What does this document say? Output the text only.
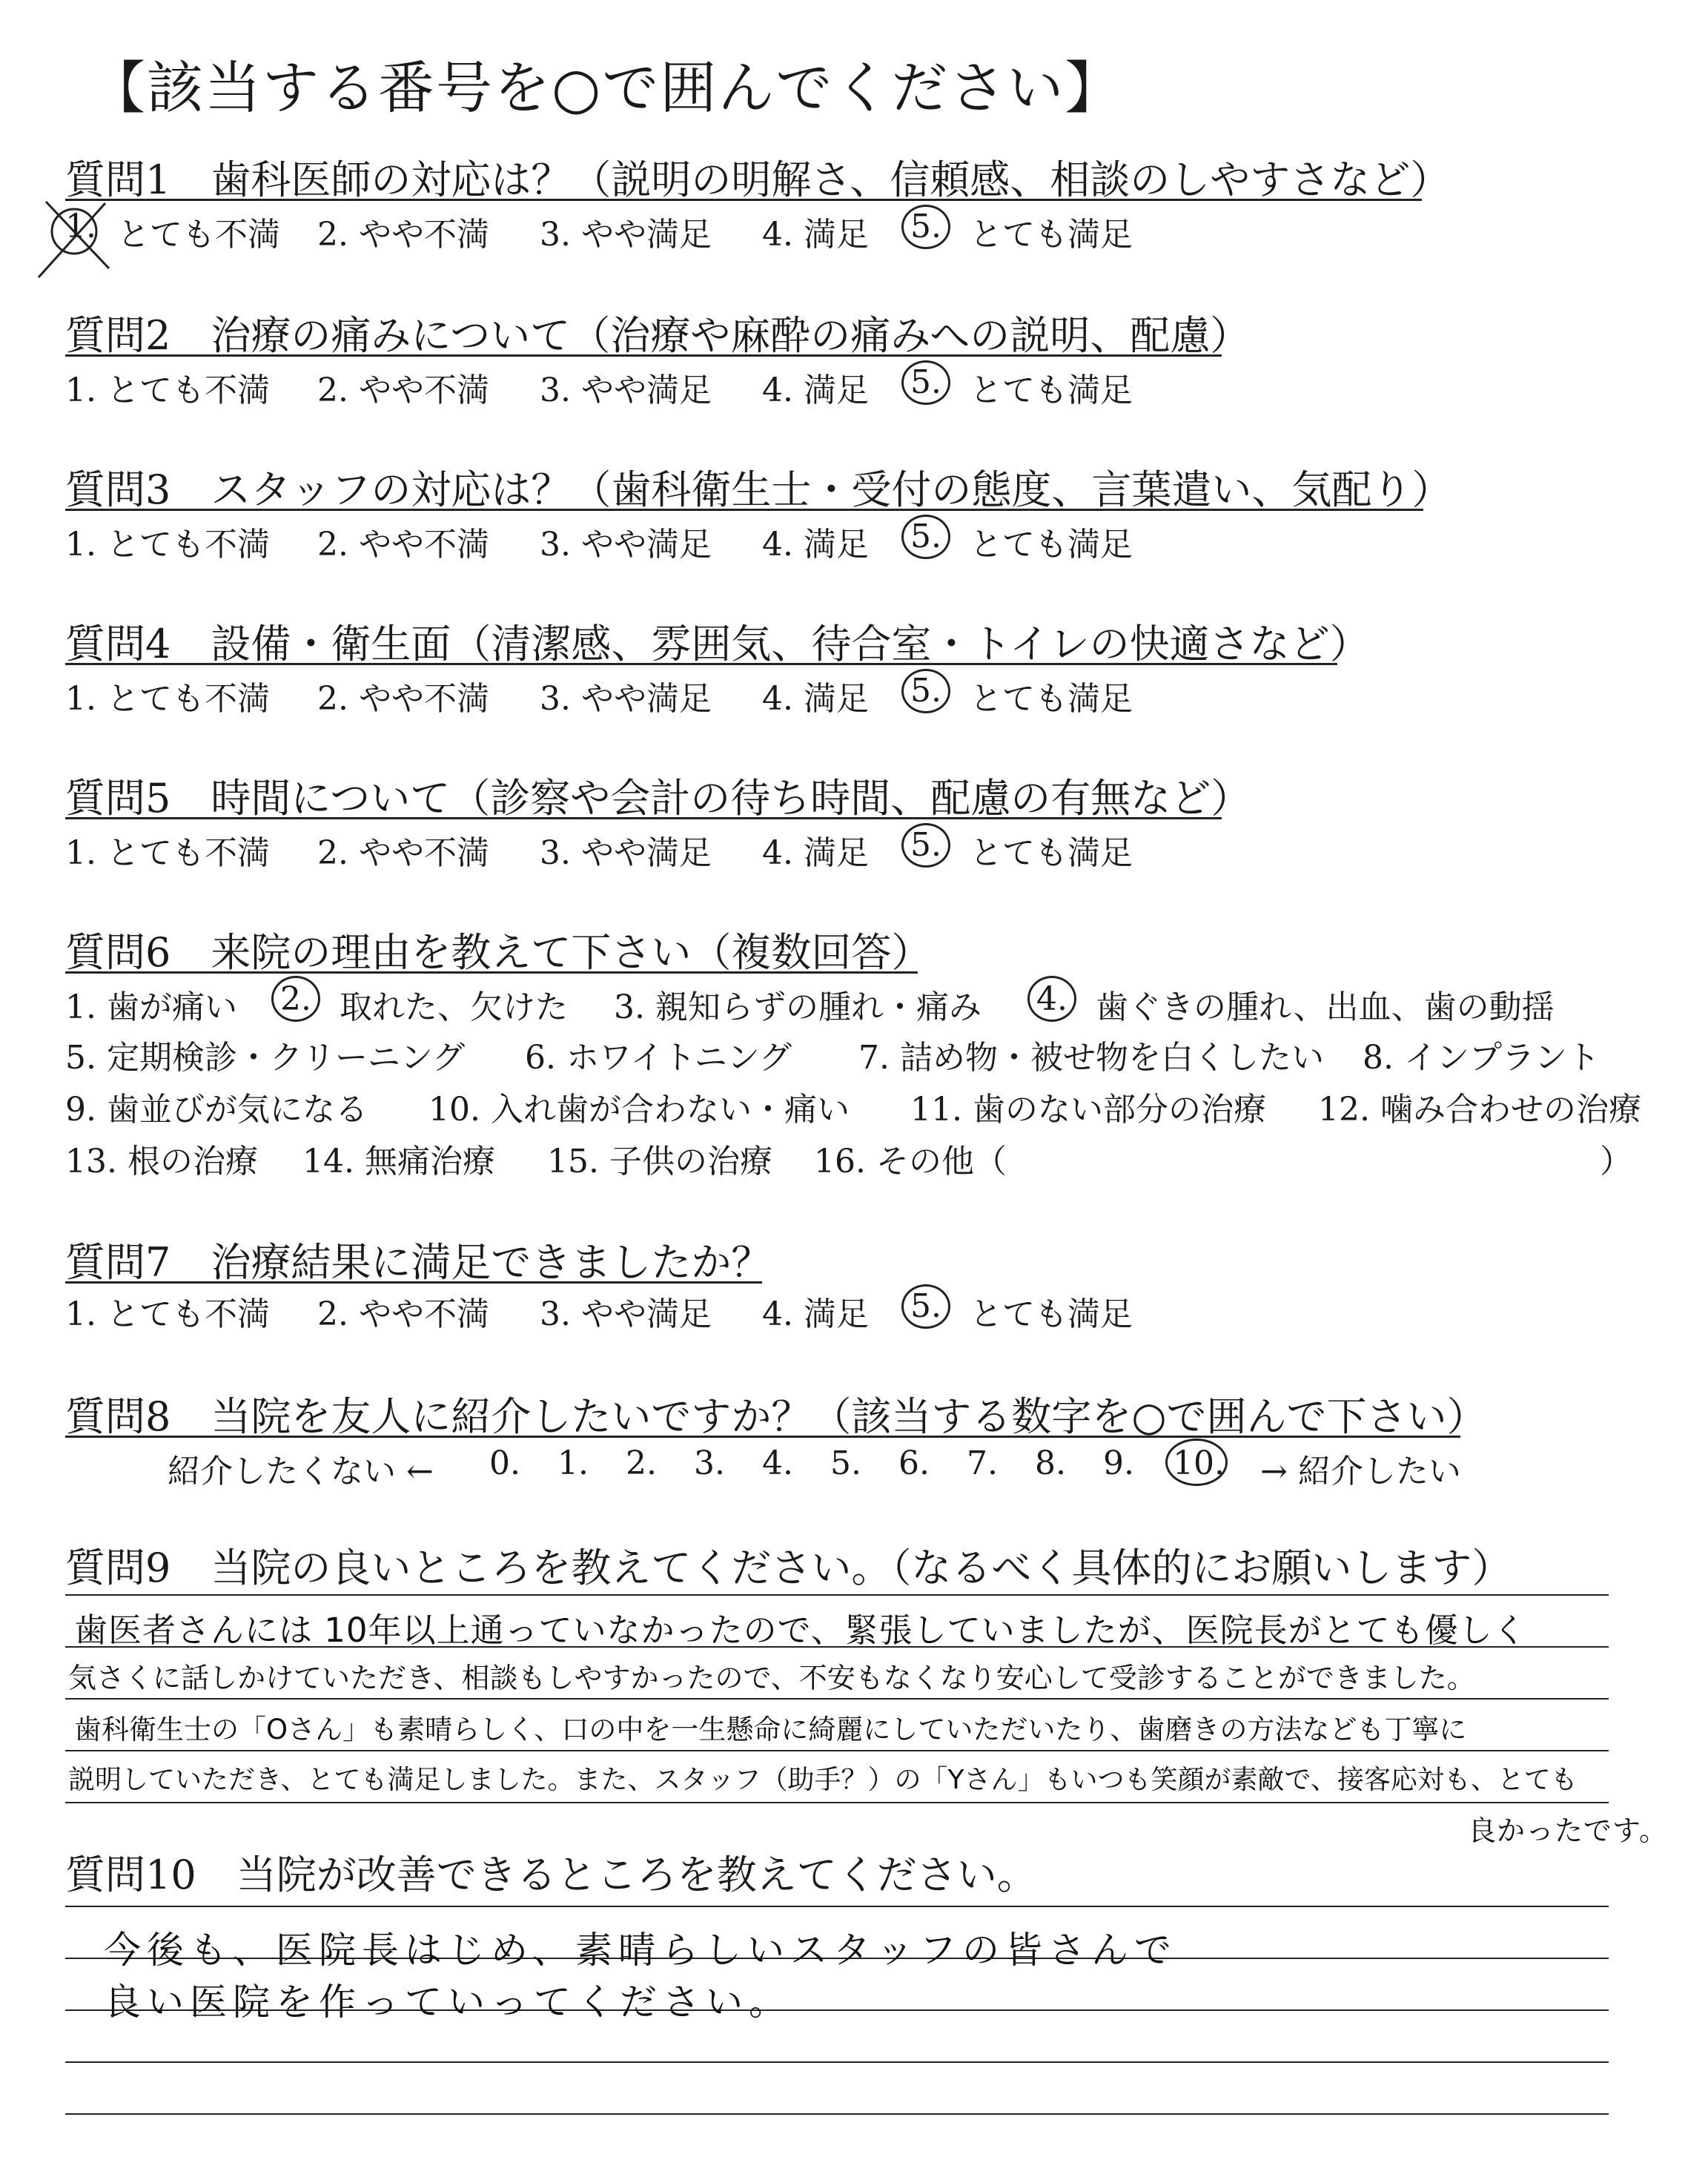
【該当する番号を○で囲んでください】
質問1　歯科医師の対応は？（説明の明解さ、信頼感、相談のしやすさなど）
1. とても不満 2. やや不満 3. やや満足 4. 満足 5. とても満足
質問2　治療の痛みについて（治療や麻酔の痛みへの説明、配慮）
1. とても不満 2. やや不満 3. やや満足 4. 満足 5. とても満足
質問3　スタッフの対応は？（歯科衛生士・受付の態度、言葉遣い、気配り）
1. とても不満 2. やや不満 3. やや満足 4. 満足 5. とても満足
質問4　設備・衛生面（清潔感、雰囲気、待合室・トイレの快適さなど）
1. とても不満 2. やや不満 3. やや満足 4. 満足 5. とても満足
質問5　時間について（診察や会計の待ち時間、配慮の有無など）
1. とても不満 2. やや不満 3. やや満足 4. 満足 5. とても満足
質問6　来院の理由を教えて下さい（複数回答）
1. 歯が痛い 2. 取れた、欠けた 3. 親知らずの腫れ・痛み 4. 歯ぐきの腫れ、出血、歯の動揺
5. 定期検診・クリーニング 6. ホワイトニング 7. 詰め物・被せ物を白くしたい 8. インプラント
9. 歯並びが気になる 10. 入れ歯が合わない・痛い 11. 歯のない部分の治療 12. 噛み合わせの治療
13. 根の治療 14. 無痛治療 15. 子供の治療 16. その他（	）
質問7　治療結果に満足できましたか？
1. とても不満 2. やや不満 3. やや満足 4. 満足 5. とても満足
質問8　当院を友人に紹介したいですか？（該当する数字を○で囲んで下さい）
紹介したくない ← 0. 1. 2. 3. 4. 5. 6. 7. 8. 9. 10. → 紹介したい
質問9　当院の良いところを教えてください。（なるべく具体的にお願いします）
歯医者さんには 10年以上通っていなかったので、緊張していましたが、医院長がとても優しく
気さくに話しかけていただき、相談もしやすかったので、不安もなくなり安心して受診することができました。
歯科衛生士の「Oさん」も素晴らしく、口の中を一生懸命に綺麗にしていただいたり、歯磨きの方法なども丁寧に
説明していただき、とても満足しました。また、スタッフ（助手？）の「Yさん」もいつも笑顔が素敵で、接客応対も、とても
良かったです。
質問10　当院が改善できるところを教えてください。
今後も、医院長はじめ、素晴らしいスタッフの皆さんで
良い医院を作っていってください。
